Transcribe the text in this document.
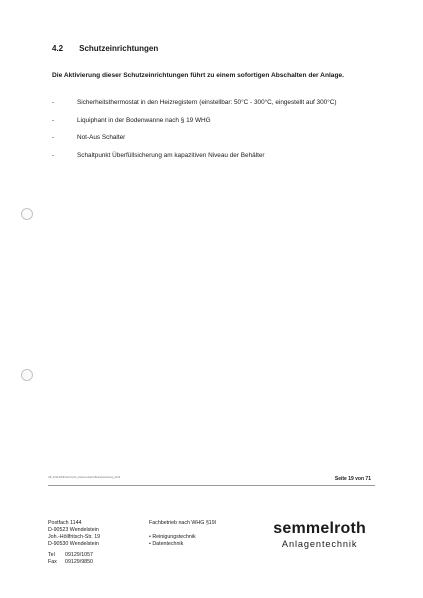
4.2 Schutzeinrichtungen
Die Aktivierung dieser Schutzeinrichtungen führt zu einem sofortigen Abschalten der Anlage.
-	Sicherheitsthermostat in den Heizregistern (einstellbar: 50°C - 300°C, eingestellt auf 300°C)
-	Liquiphant in der Bodenwanne nach § 19 WHG
-	Not-Aus Schalter
-	Schaltpunkt Überfüllsicherung am kapazitiven Niveau der Behälter
GB_2019-0206/Technische_Dokumentation/Betriebsanleitung_2019	Seite 19 von 71
Postfach 1144
D-90523 Wendelstein
Joh.-Höllfritsch-Str. 19
D-90530 Wendelstein
Tel	09129/1057
Fax	09129/9850
Fachbetrieb nach WHG §19l
• Reinigungstechnik
• Datentechnik
semmelroth
Anlagentechnik
